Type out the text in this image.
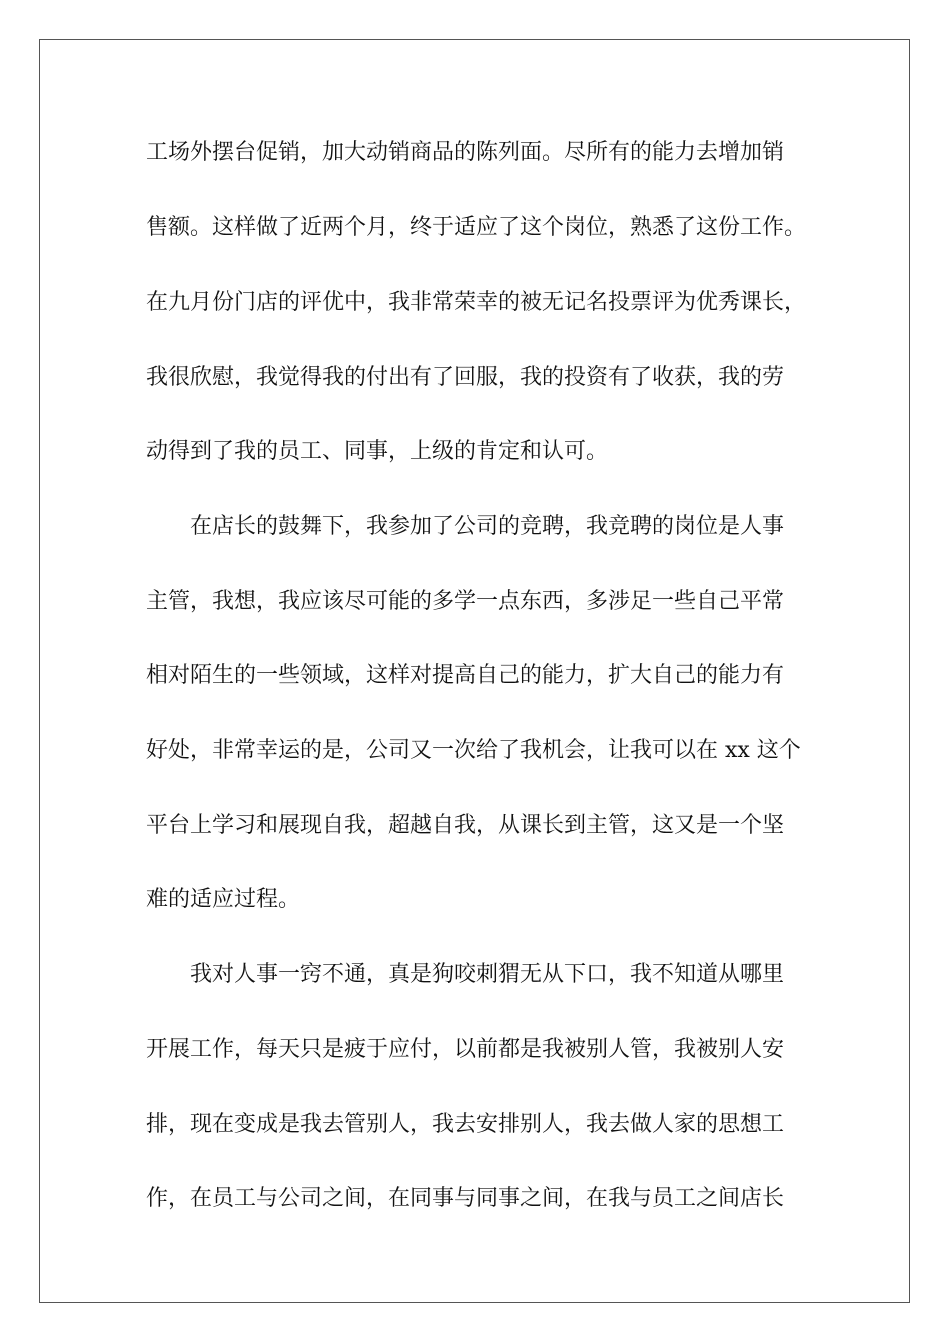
工场外摆台促销，加大动销商品的陈列面。尽所有的能力去增加销
售额。这样做了近两个月，终于适应了这个岗位，熟悉了这份工作。
在九月份门店的评优中，我非常荣幸的被无记名投票评为优秀课长，
我很欣慰，我觉得我的付出有了回服，我的投资有了收获，我的劳
动得到了我的员工、同事，上级的肯定和认可。
在店长的鼓舞下，我参加了公司的竞聘，我竞聘的岗位是人事
主管，我想，我应该尽可能的多学一点东西，多涉足一些自己平常
相对陌生的一些领域，这样对提高自己的能力，扩大自己的能力有
好处，非常幸运的是，公司又一次给了我机会，让我可以在 xx 这个
平台上学习和展现自我，超越自我，从课长到主管，这又是一个坚
难的适应过程。
我对人事一窍不通，真是狗咬刺猬无从下口，我不知道从哪里
开展工作，每天只是疲于应付，以前都是我被别人管，我被别人安
排，现在变成是我去管别人，我去安排别人，我去做人家的思想工
作，在员工与公司之间，在同事与同事之间，在我与员工之间店长
